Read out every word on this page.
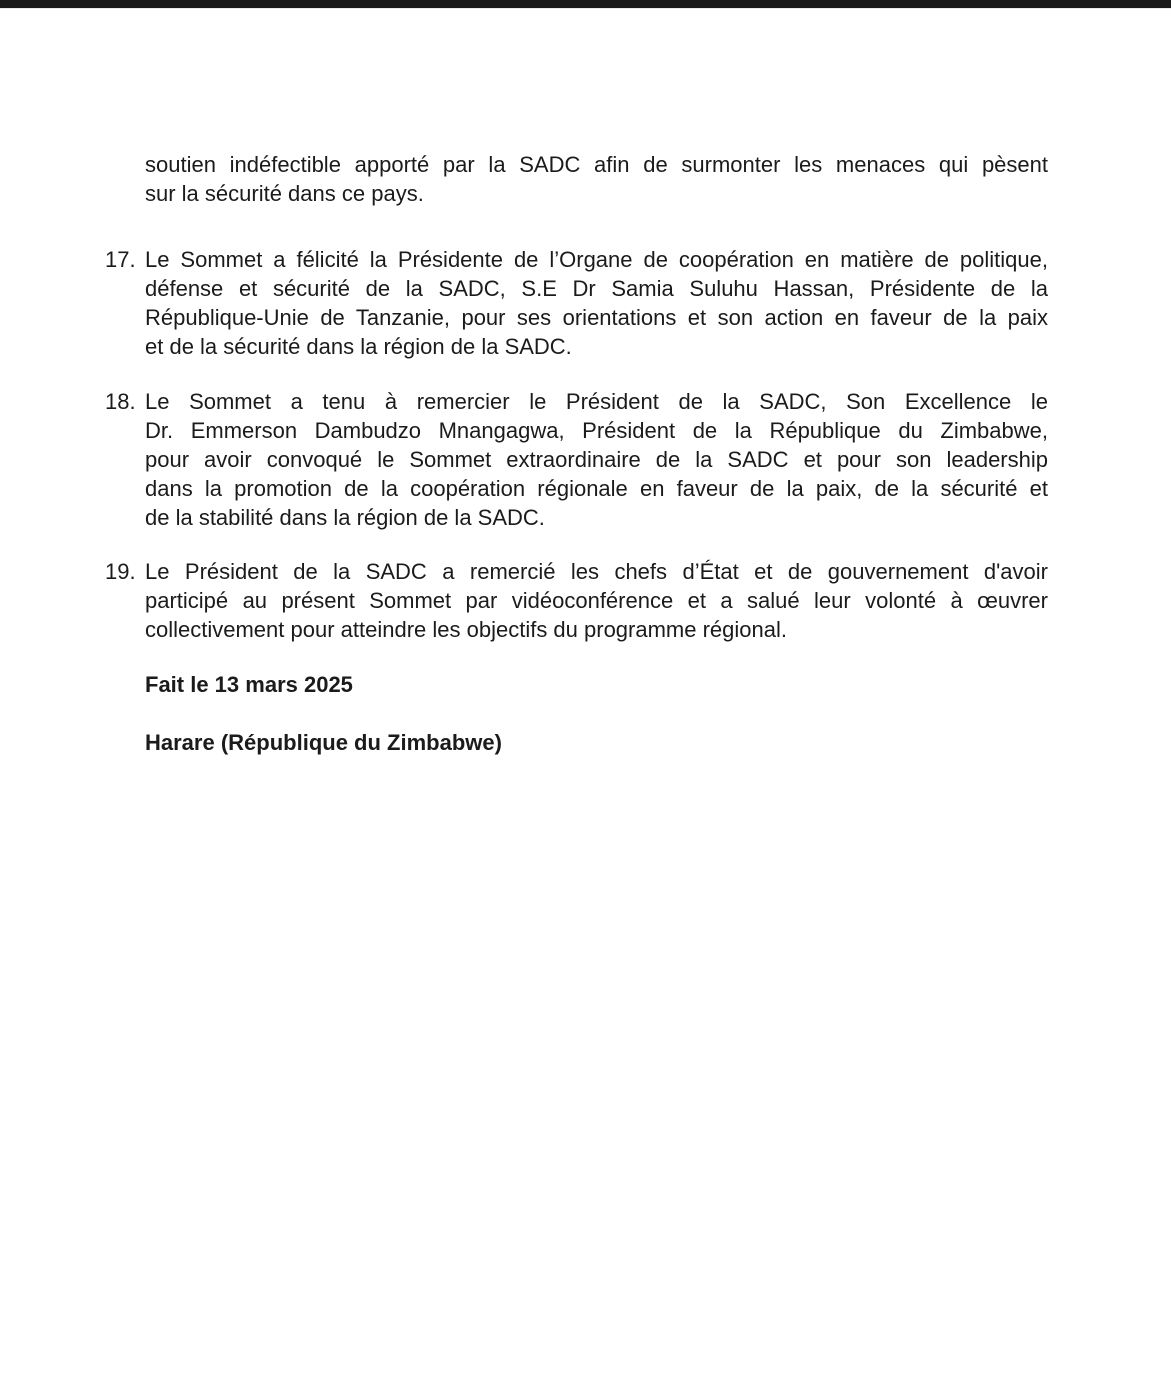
soutien indéfectible apporté par la SADC afin de surmonter les menaces qui pèsent
sur la sécurité dans ce pays.
17. Le Sommet a félicité la Présidente de l’Organe de coopération en matière de politique,
défense et sécurité de la SADC, S.E Dr Samia Suluhu Hassan, Présidente de la
République-Unie de Tanzanie, pour ses orientations et son action en faveur de la paix
et de la sécurité dans la région de la SADC.
18. Le Sommet a tenu à remercier le Président de la SADC, Son Excellence le
Dr. Emmerson Dambudzo Mnangagwa, Président de la République du Zimbabwe,
pour avoir convoqué le Sommet extraordinaire de la SADC et pour son leadership
dans la promotion de la coopération régionale en faveur de la paix, de la sécurité et
de la stabilité dans la région de la SADC.
19. Le Président de la SADC a remercié les chefs d’État et de gouvernement d'avoir
participé au présent Sommet par vidéoconférence et a salué leur volonté à œuvrer
collectivement pour atteindre les objectifs du programme régional.
Fait le 13 mars 2025
Harare (République du Zimbabwe)
